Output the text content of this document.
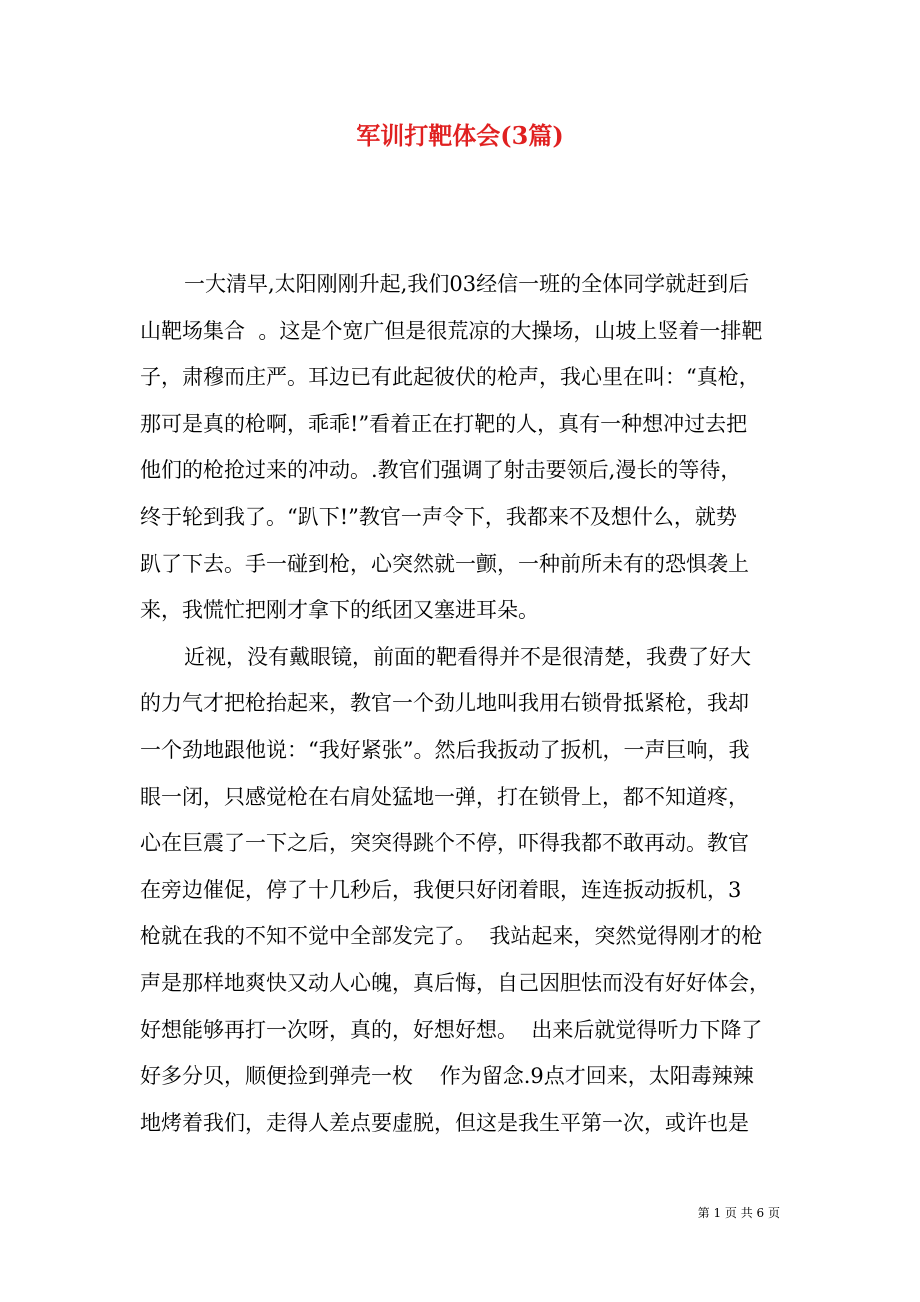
军训打靶体会(3篇)
一大清早,太阳刚刚升起,我们03经信一班的全体同学就赶到后
山靶场集合  。这是个宽广但是很荒凉的大操场，山坡上竖着一排靶
子，肃穆而庄严。耳边已有此起彼伏的枪声，我心里在叫：“真枪，
那可是真的枪啊，乖乖!”看着正在打靶的人，真有一种想冲过去把
他们的枪抢过来的冲动。.教官们强调了射击要领后,漫长的等待，
终于轮到我了。“趴下!”教官一声令下，我都来不及想什么，就势
趴了下去。手一碰到枪，心突然就一颤，一种前所未有的恐惧袭上
来，我慌忙把刚才拿下的纸团又塞进耳朵。
近视，没有戴眼镜，前面的靶看得并不是很清楚，我费了好大
的力气才把枪抬起来，教官一个劲儿地叫我用右锁骨抵紧枪，我却
一个劲地跟他说：“我好紧张”。然后我扳动了扳机，一声巨响，我
眼一闭，只感觉枪在右肩处猛地一弹，打在锁骨上，都不知道疼，
心在巨震了一下之后，突突得跳个不停，吓得我都不敢再动。教官
在旁边催促，停了十几秒后，我便只好闭着眼，连连扳动扳机，3
枪就在我的不知不觉中全部发完了。  我站起来，突然觉得刚才的枪
声是那样地爽快又动人心魄，真后悔，自己因胆怯而没有好好体会，
好想能够再打一次呀，真的，好想好想。  出来后就觉得听力下降了
好多分贝，顺便捡到弹壳一枚    作为留念.9点才回来，太阳毒辣辣
地烤着我们，走得人差点要虚脱，但这是我生平第一次，或许也是
第 1 页 共 6 页
